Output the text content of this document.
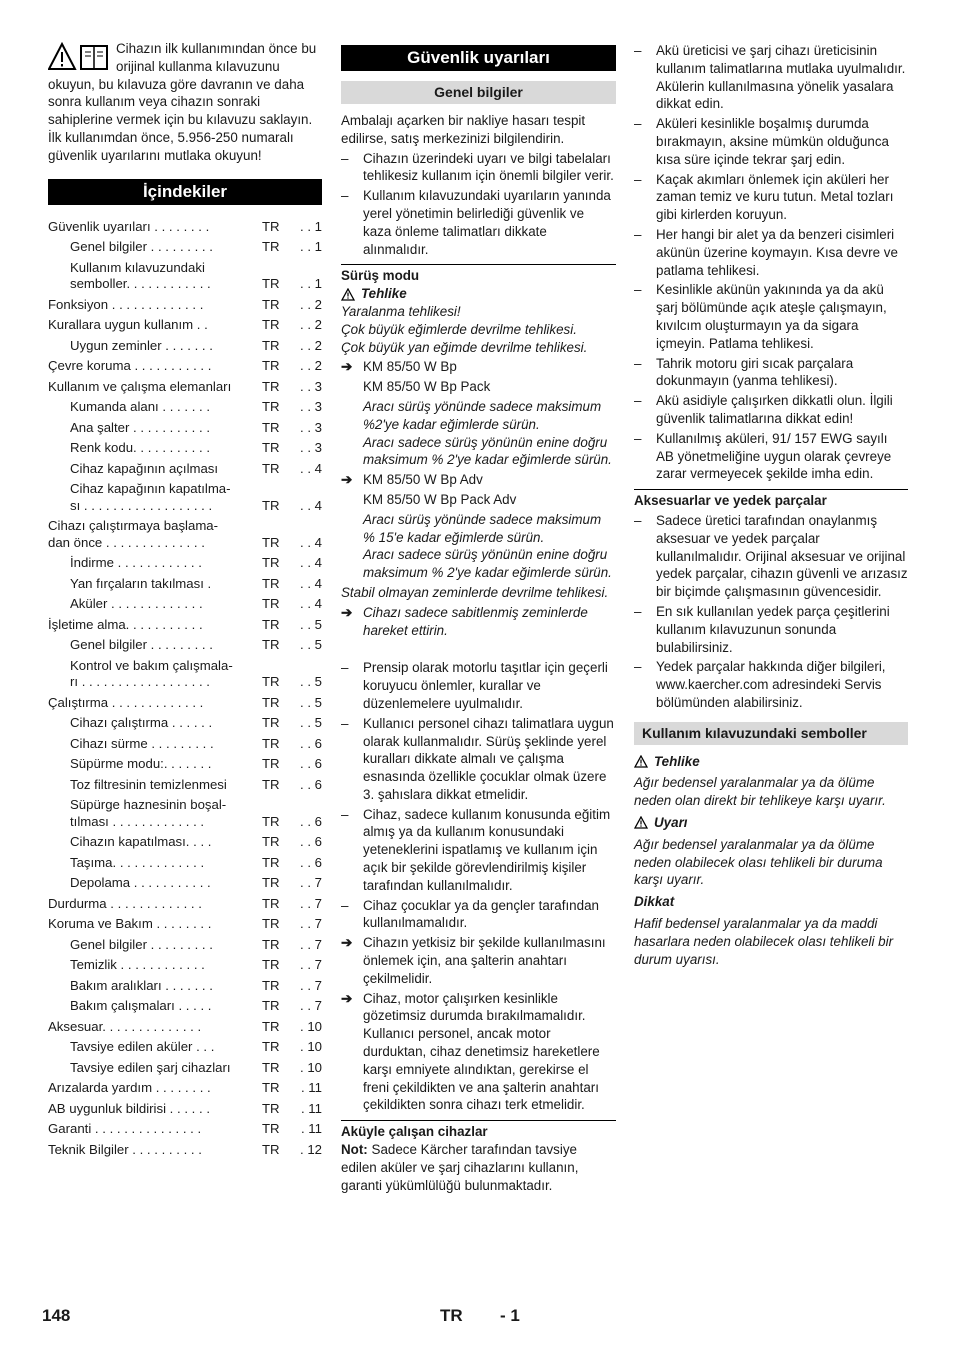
Cihazın ilk kullanımından önce bu orijinal kullanma kılavuzunu okuyun, bu kılavuza göre davranın ve daha sonra kullanım veya cihazın sonraki sahiplerine vermek için bu kılavuzu saklayın.

İlk kullanımdan önce, 5.956-250 numaralı güvenlik uyarılarını mutlaka okuyun!

İçindekiler
Güvenlik uyarıları . . . . . . . .	TR	. . 1
Genel bilgiler . . . . . . . . .	TR	. . 1
Kullanım kılavuzundaki
semboller. . . . . . . . . . . .	TR	. . 1
Fonksiyon . . . . . . . . . . . . .	TR	. . 2
Kurallara uygun kullanım . .	TR	. . 2
Uygun zeminler . . . . . . .	TR	. . 2
Çevre koruma . . . . . . . . . . .	TR	. . 2
Kullanım ve çalışma elemanları	TR	. . 3
Kumanda alanı . . . . . . .	TR	. . 3
Ana şalter . . . . . . . . . . .	TR	. . 3
Renk kodu. . . . . . . . . . .	TR	. . 3
Cihaz kapağının açılması	TR	. . 4
Cihaz kapağının kapatılma-
sı . . . . . . . . . . . . . . . . . .	TR	. . 4
Cihazı çalıştırmaya başlama-
dan önce . . . . . . . . . . . . . .	TR	. . 4
İndirme . . . . . . . . . . . .	TR	. . 4
Yan fırçaların takılması .	TR	. . 4
Aküler . . . . . . . . . . . . .	TR	. . 4
İşletime alma. . . . . . . . . . .	TR	. . 5
Genel bilgiler . . . . . . . . .	TR	. . 5
Kontrol ve bakım çalışmala-
rı . . . . . . . . . . . . . . . . . .	TR	. . 5
Çalıştırma . . . . . . . . . . . . .	TR	. . 5
Cihazı çalıştırma . . . . . .	TR	. . 5
Cihazı sürme . . . . . . . . .	TR	. . 6
Süpürme modu:. . . . . . .	TR	. . 6
Toz filtresinin temizlenmesi	TR	. . 6
Süpürge haznesinin boşal-
tılması . . . . . . . . . . . . .	TR	. . 6
Cihazın kapatılması. . . .	TR	. . 6
Taşıma. . . . . . . . . . . . .	TR	. . 6
Depolama . . . . . . . . . . .	TR	. . 7
Durdurma . . . . . . . . . . . . .	TR	. . 7
Koruma ve Bakım . . . . . . . .	TR	. . 7
Genel bilgiler . . . . . . . . .	TR	. . 7
Temizlik . . . . . . . . . . . .	TR	. . 7
Bakım aralıkları . . . . . . .	TR	. . 7
Bakım çalışmaları . . . . .	TR	. . 7
Aksesuar. . . . . . . . . . . . . .	TR	. 10
Tavsiye edilen aküler . . .	TR	. 10
Tavsiye edilen şarj cihazları	TR	. 10
Arızalarda yardım . . . . . . . .	TR	. 11
AB uygunluk bildirisi . . . . . .	TR	. 11
Garanti . . . . . . . . . . . . . . .	TR	. 11
Teknik Bilgiler . . . . . . . . . .	TR	. 12
Güvenlik uyarıları
Genel bilgiler

Ambalajı açarken bir nakliye hasarı tespit edilirse, satış merkezinizi bilgilendirin.

–	Cihazın üzerindeki uyarı ve bilgi tabelaları tehlikesiz kullanım için önemli bilgiler verir.
–	Kullanım kılavuzundaki uyarıların yanında yerel yönetimin belirlediği güvenlik ve kaza önleme talimatları dikkate alınmalıdır.
Sürüş modu
Tehlike

Yaralanma tehlikesi!

Çok büyük eğimlerde devrilme tehlikesi.

Çok büyük yan eğimde devrilme tehlikesi.

➔ KM 85/50 W Bp

KM 85/50 W Bp Pack

Aracı sürüş yönünde sadece maksimum %2'ye kadar eğimlerde sürün.

Aracı sadece sürüş yönünün enine doğru maksimum % 2'ye kadar eğimlerde sürün.

➔ KM 85/50 W Bp Adv

KM 85/50 W Bp Pack Adv

Aracı sürüş yönünde sadece maksimum % 15'e kadar eğimlerde sürün.

Aracı sadece sürüş yönünün enine doğru maksimum % 2'ye kadar eğimlerde sürün.

Stabil olmayan zeminlerde devrilme tehlikesi.

➔ Cihazı sadece sabitlenmiş zeminlerde hareket ettirin.
–	Prensip olarak motorlu taşıtlar için geçerli koruyucu önlemler, kurallar ve düzenlemelere uyulmalıdır.
–	Kullanıcı personel cihazı talimatlara uygun olarak kullanmalıdır. Sürüş şeklinde yerel kuralları dikkate almalı ve çalışma esnasında özellikle çocuklar olmak üzere 3. şahıslara dikkat etmelidir.
–	Cihaz, sadece kullanım konusunda eğitim almış ya da kullanım konusundaki yeteneklerini ispatlamış ve kullanım için açık bir şekilde görevlendirilmiş kişiler tarafından kullanılmalıdır.
–	Cihaz çocuklar ya da gençler tarafından kullanılmamalıdır.
➔ Cihazın yetkisiz bir şekilde kullanılmasını önlemek için, ana şalterin anahtarı çekilmelidir.
➔ Cihaz, motor çalışırken kesinlikle gözetimsiz durumda bırakılmamalıdır. Kullanıcı personel, ancak motor durduktan, cihaz denetimsiz hareketlere karşı emniyete alındıktan, gerekirse el freni çekildikten ve ana şalterin anahtarı çekildikten sonra cihazı terk etmelidir.
Aküyle çalışan cihazlar

Not: Sadece Kärcher tarafından tavsiye edilen aküler ve şarj cihazlarını kullanın, garanti yükümlülüğü bulunmaktadır.

–	Akü üreticisi ve şarj cihazı üreticisinin kullanım talimatlarına mutlaka uyulmalıdır. Akülerin kullanılmasına yönelik yasalara dikkat edin.
–	Aküleri kesinlikle boşalmış durumda bırakmayın, aksine mümkün olduğunca kısa süre içinde tekrar şarj edin.
–	Kaçak akımları önlemek için aküleri her zaman temiz ve kuru tutun. Metal tozları gibi kirlerden koruyun.
–	Her hangi bir alet ya da benzeri cisimleri akünün üzerine koymayın. Kısa devre ve patlama tehlikesi.
–	Kesinlikle akünün yakınında ya da akü şarj bölümünde açık ateşle çalışmayın, kıvılcım oluşturmayın ya da sigara içmeyin. Patlama tehlikesi.
–	Tahrik motoru giri sıcak parçalara dokunmayın (yanma tehlikesi).
–	Akü asidiyle çalışırken dikkatli olun. İlgili güvenlik talimatlarına dikkat edin!
–	Kullanılmış aküleri, 91/ 157 EWG sayılı AB yönetmeliğine uygun olarak çevreye zarar vermeyecek şekilde imha edin.
Aksesuarlar ve yedek parçalar
–	Sadece üretici tarafından onaylanmış aksesuar ve yedek parçalar kullanılmalıdır. Orijinal aksesuar ve orijinal yedek parçalar, cihazın güvenli ve arızasız bir biçimde çalışmasının güvencesidir.
–	En sık kullanılan yedek parça çeşitlerini kullanım kılavuzunun sonunda bulabilirsiniz.
–	Yedek parçalar hakkında diğer bilgileri, www.kaercher.com adresindeki Servis bölümünden alabilirsiniz.
Kullanım kılavuzundaki semboller
Tehlike

Ağır bedensel yaralanmalar ya da ölüme neden olan direkt bir tehlikeye karşı uyarır.

Uyarı

Ağır bedensel yaralanmalar ya da ölüme neden olabilecek olası tehlikeli bir duruma karşı uyarır.

Dikkat

Hafif bedensel yaralanmalar ya da maddi hasarlara neden olabilecek olası tehlikeli bir durum uyarısı.

148	TR - 1
